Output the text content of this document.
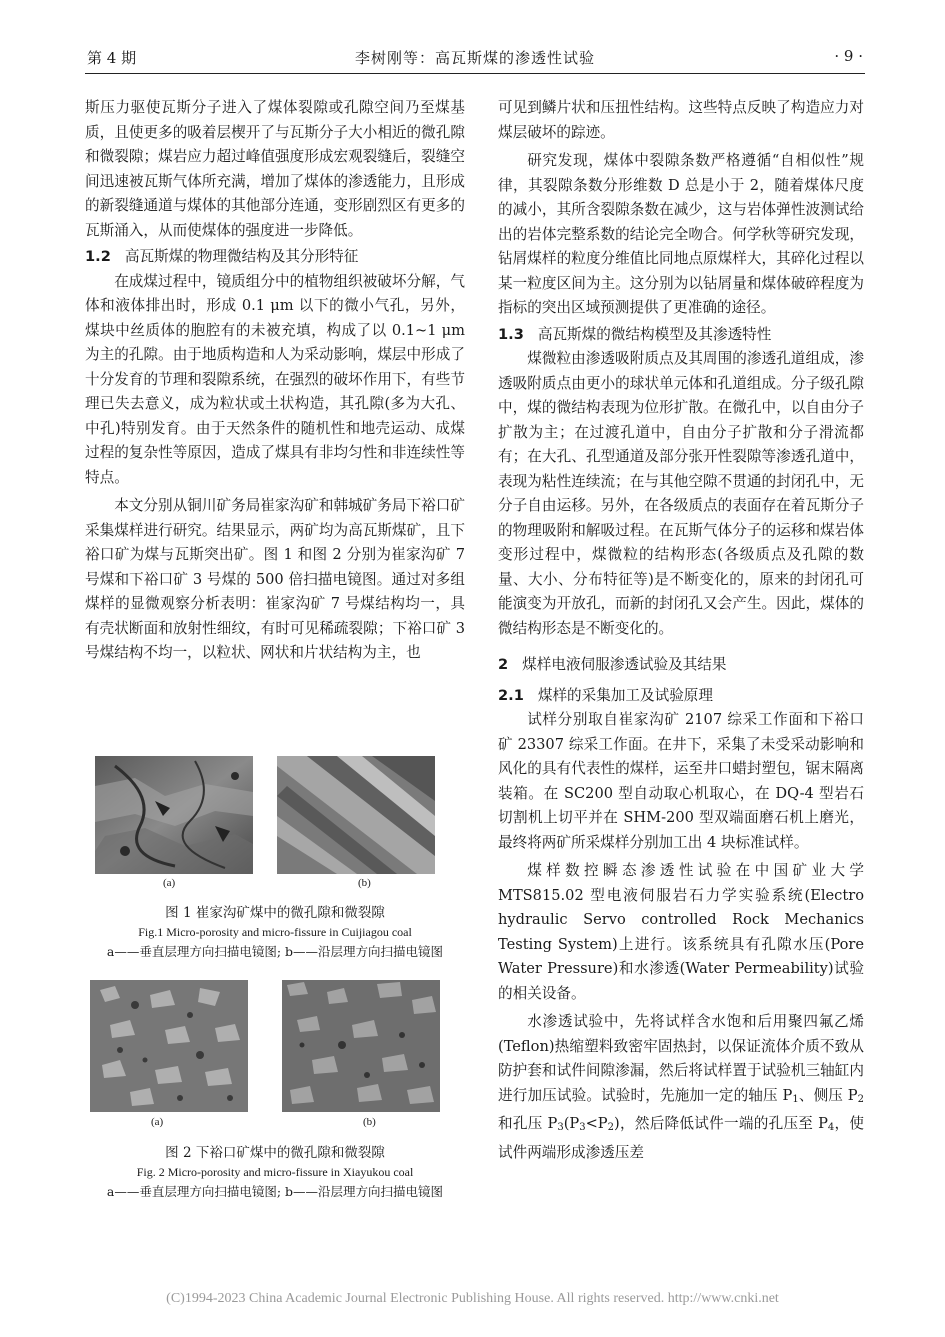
第 4 期	李树刚等：高瓦斯煤的渗透性试验	· 9 ·

斯压力驱使瓦斯分子进入了煤体裂隙或孔隙空间乃至煤基质，且使更多的吸着层楔开了与瓦斯分子大小相近的微孔隙和微裂隙；煤岩应力超过峰值强度形成宏观裂缝后，裂缝空间迅速被瓦斯气体所充满，增加了煤体的渗透能力，且形成的新裂缝通道与煤体的其他部分连通，变形剧烈区有更多的瓦斯涌入，从而使煤体的强度进一步降低。

1.2 高瓦斯煤的物理微结构及其分形特征

在成煤过程中，镜质组分中的植物组织被破坏分解，气体和液体排出时，形成 0.1 μm 以下的微小气孔，另外，煤块中丝质体的胞腔有的未被充填，构成了以 0.1~1 μm 为主的孔隙。由于地质构造和人为采动影响，煤层中形成了十分发育的节理和裂隙系统，在强烈的破坏作用下，有些节理已失去意义，成为粒状或土状构造，其孔隙(多为大孔、中孔)特别发育。由于天然条件的随机性和地壳运动、成煤过程的复杂性等原因，造成了煤具有非均匀性和非连续性等特点。

本文分别从铜川矿务局崔家沟矿和韩城矿务局下裕口矿采集煤样进行研究。结果显示，两矿均为高瓦斯煤矿，且下裕口矿为煤与瓦斯突出矿。图 1 和图 2 分别为崔家沟矿 7 号煤和下裕口矿 3 号煤的 500 倍扫描电镜图。通过对多组煤样的显微观察分析表明：崔家沟矿 7 号煤结构均一，具有壳状断面和放射性细纹，有时可见稀疏裂隙；下裕口矿 3 号煤结构不均一，以粒状、网状和片状结构为主，也

(a)	(b)
图 1 崔家沟矿煤中的微孔隙和微裂隙
Fig.1 Micro-porosity and micro-fissure in Cuijiagou coal
a——垂直层理方向扫描电镜图; b——沿层理方向扫描电镜图
(a)	(b)
图 2 下裕口矿煤中的微孔隙和微裂隙
Fig. 2 Micro-porosity and micro-fissure in Xiayukou coal
a——垂直层理方向扫描电镜图; b——沿层理方向扫描电镜图

可见到鳞片状和压扭性结构。这些特点反映了构造应力对煤层破坏的踪迹。

研究发现，煤体中裂隙条数严格遵循“自相似性”规律，其裂隙条数分形维数 D 总是小于 2，随着煤体尺度的减小，其所含裂隙条数在减少，这与岩体弹性波测试给出的岩体完整系数的结论完全吻合。何学秋等研究发现，钻屑煤样的粒度分维值比同地点原煤样大，其碎化过程以某一粒度区间为主。这分别为以钻屑量和煤体破碎程度为指标的突出区域预测提供了更准确的途径。

1.3 高瓦斯煤的微结构模型及其渗透特性

煤微粒由渗透吸附质点及其周围的渗透孔道组成，渗透吸附质点由更小的球状单元体和孔道组成。分子级孔隙中，煤的微结构表现为位形扩散。在微孔中，以自由分子扩散为主；在过渡孔道中，自由分子扩散和分子滑流都有；在大孔、孔型通道及部分张开性裂隙等渗透孔道中，表现为粘性连续流；在与其他空隙不贯通的封闭孔中，无分子自由运移。另外，在各级质点的表面存在着瓦斯分子的物理吸附和解吸过程。在瓦斯气体分子的运移和煤岩体变形过程中，煤微粒的结构形态(各级质点及孔隙的数量、大小、分布特征等)是不断变化的，原来的封闭孔可能演变为开放孔，而新的封闭孔又会产生。因此，煤体的微结构形态是不断变化的。

2 煤样电液伺服渗透试验及其结果

2.1 煤样的采集加工及试验原理

试样分别取自崔家沟矿 2107 综采工作面和下裕口矿 23307 综采工作面。在井下，采集了未受采动影响和风化的具有代表性的煤样，运至井口蜡封塑包，锯末隔离装箱。在 SC200 型自动取心机取心，在 DQ-4 型岩石切割机上切平并在 SHM-200 型双端面磨石机上磨光，最终将两矿所采煤样分别加工出 4 块标准试样。

煤样数控瞬态渗透性试验在中国矿业大学 MTS815.02 型电液伺服岩石力学实验系统(Electro hydraulic Servo controlled Rock Mechanics Testing System)上进行。该系统具有孔隙水压(Pore Water Pressure)和水渗透(Water Permeability)试验的相关设备。

水渗透试验中，先将试样含水饱和后用聚四氟乙烯(Teflon)热缩塑料致密牢固热封，以保证流体介质不致从防护套和试件间隙渗漏，然后将试样置于试验机三轴缸内进行加压试验。试验时，先施加一定的轴压 $P_1$、侧压 $P_2$ 和孔压 $P_3(P_3<P_2)$，然后降低试件一端的孔压至 $P_4$，使试件两端形成渗透压差

(C)1994-2023 China Academic Journal Electronic Publishing House. All rights reserved. http://www.cnki.net
